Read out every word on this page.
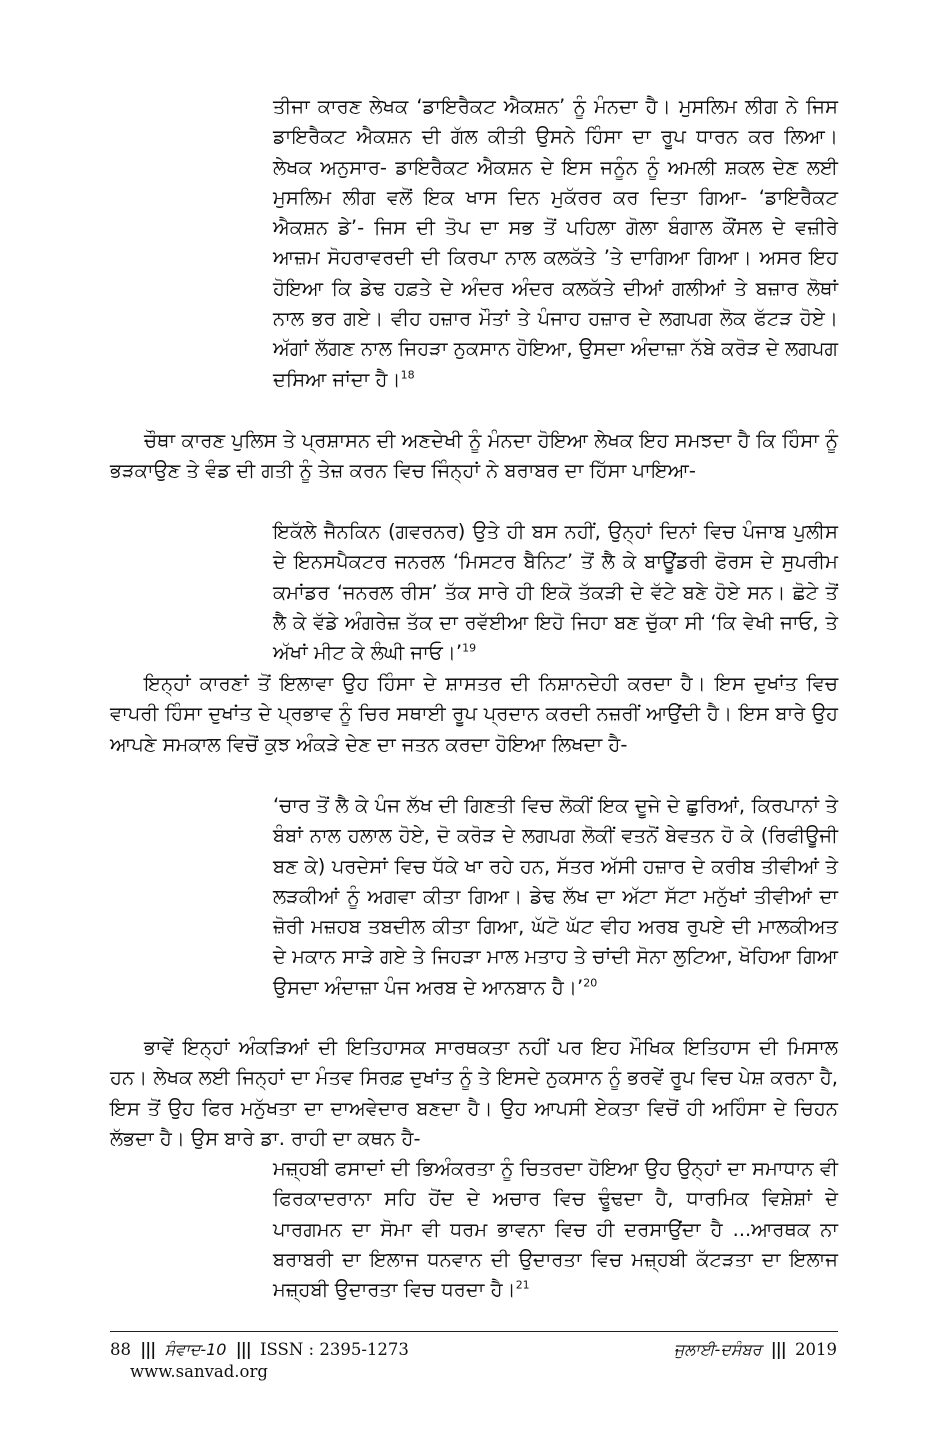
ਤੀਜਾ ਕਾਰਣ ਲੇਖਕ ‘ਡਾਇਰੈਕਟ ਐਕਸ਼ਨ’ ਨੂੰ ਮੰਨਦਾ ਹੈ। ਮੁਸਲਿਮ ਲੀਗ ਨੇ ਜਿਸ ਡਾਇਰੈਕਟ ਐਕਸ਼ਨ ਦੀ ਗੱਲ ਕੀਤੀ ਉਸਨੇ ਹਿੰਸਾ ਦਾ ਰੂਪ ਧਾਰਨ ਕਰ ਲਿਆ। ਲੇਖਕ ਅਨੁਸਾਰ- ਡਾਇਰੈਕਟ ਐਕਸ਼ਨ ਦੇ ਇਸ ਜਨੂੰਨ ਨੂੰ ਅਮਲੀ ਸ਼ਕਲ ਦੇਣ ਲਈ ਮੁਸਲਿਮ ਲੀਗ ਵਲੋਂ ਇਕ ਖਾਸ ਦਿਨ ਮੁਕੱਰਰ ਕਰ ਦਿਤਾ ਗਿਆ- ‘ਡਾਇਰੈਕਟ ਐਕਸ਼ਨ ਡੇ’- ਜਿਸ ਦੀ ਤੋਪ ਦਾ ਸਭ ਤੋਂ ਪਹਿਲਾ ਗੋਲਾ ਬੰਗਾਲ ਕੌਂਸਲ ਦੇ ਵਜ਼ੀਰੇ ਆਜ਼ਮ ਸੋਹਰਾਵਰਦੀ ਦੀ ਕਿਰਪਾ ਨਾਲ ਕਲਕੱਤੇ ’ਤੇ ਦਾਗਿਆ ਗਿਆ। ਅਸਰ ਇਹ ਹੋਇਆ ਕਿ ਡੇਢ ਹਫ਼ਤੇ ਦੇ ਅੰਦਰ ਅੰਦਰ ਕਲਕੱਤੇ ਦੀਆਂ ਗਲੀਆਂ ਤੇ ਬਜ਼ਾਰ ਲੋਥਾਂ ਨਾਲ ਭਰ ਗਏ। ਵੀਹ ਹਜ਼ਾਰ ਮੌਤਾਂ ਤੇ ਪੰਜਾਹ ਹਜ਼ਾਰ ਦੇ ਲਗਪਗ ਲੋਕ ਫੱਟੜ ਹੋਏ। ਅੱਗਾਂ ਲੱਗਣ ਨਾਲ ਜਿਹੜਾ ਨੁਕਸਾਨ ਹੋਇਆ, ਉਸਦਾ ਅੰਦਾਜ਼ਾ ਨੱਬੇ ਕਰੋੜ ਦੇ ਲਗਪਗ ਦਸਿਆ ਜਾਂਦਾ ਹੈ।$^{18}$

ਚੌਥਾ ਕਾਰਣ ਪੁਲਿਸ ਤੇ ਪ੍ਰਸ਼ਾਸਨ ਦੀ ਅਣਦੇਖੀ ਨੂੰ ਮੰਨਦਾ ਹੋਇਆ ਲੇਖਕ ਇਹ ਸਮਝਦਾ ਹੈ ਕਿ ਹਿੰਸਾ ਨੂੰ ਭੜਕਾਉਣ ਤੇ ਵੰਡ ਦੀ ਗਤੀ ਨੂੰ ਤੇਜ਼ ਕਰਨ ਵਿਚ ਜਿੰਨ੍ਹਾਂ ਨੇ ਬਰਾਬਰ ਦਾ ਹਿੱਸਾ ਪਾਇਆ-

ਇਕੱਲੇ ਜੈਨਕਿਨ (ਗਵਰਨਰ) ਉਤੇ ਹੀ ਬਸ ਨਹੀਂ, ਉਨ੍ਹਾਂ ਦਿਨਾਂ ਵਿਚ ਪੰਜਾਬ ਪੁਲੀਸ ਦੇ ਇਨਸਪੈਕਟਰ ਜਨਰਲ ‘ਮਿਸਟਰ ਬੈਨਿਟ’ ਤੋਂ ਲੈ ਕੇ ਬਾਊਂਡਰੀ ਫੋਰਸ ਦੇ ਸੁਪਰੀਮ ਕਮਾਂਡਰ ‘ਜਨਰਲ ਰੀਸ’ ਤੱਕ ਸਾਰੇ ਹੀ ਇਕੋ ਤੱਕੜੀ ਦੇ ਵੱਟੇ ਬਣੇ ਹੋਏ ਸਨ। ਛੋਟੇ ਤੋਂ ਲੈ ਕੇ ਵੱਡੇ ਅੰਗਰੇਜ਼ ਤੱਕ ਦਾ ਰਵੱਈਆ ਇਹੋ ਜਿਹਾ ਬਣ ਚੁੱਕਾ ਸੀ ‘ਕਿ ਵੇਖੀ ਜਾਓ, ਤੇ ਅੱਖਾਂ ਮੀਟ ਕੇ ਲੰਘੀ ਜਾਓ।’$^{19}$

ਇਨ੍ਹਾਂ ਕਾਰਣਾਂ ਤੋਂ ਇਲਾਵਾ ਉਹ ਹਿੰਸਾ ਦੇ ਸ਼ਾਸਤਰ ਦੀ ਨਿਸ਼ਾਨਦੇਹੀ ਕਰਦਾ ਹੈ। ਇਸ ਦੁਖਾਂਤ ਵਿਚ ਵਾਪਰੀ ਹਿੰਸਾ ਦੁਖਾਂਤ ਦੇ ਪ੍ਰਭਾਵ ਨੂੰ ਚਿਰ ਸਥਾਈ ਰੂਪ ਪ੍ਰਦਾਨ ਕਰਦੀ ਨਜ਼ਰੀਂ ਆਉਂਦੀ ਹੈ। ਇਸ ਬਾਰੇ ਉਹ ਆਪਣੇ ਸਮਕਾਲ ਵਿਚੋਂ ਕੁਝ ਅੰਕੜੇ ਦੇਣ ਦਾ ਜਤਨ ਕਰਦਾ ਹੋਇਆ ਲਿਖਦਾ ਹੈ-

‘ਚਾਰ ਤੋਂ ਲੈ ਕੇ ਪੰਜ ਲੱਖ ਦੀ ਗਿਣਤੀ ਵਿਚ ਲੋਕੀਂ ਇਕ ਦੂਜੇ ਦੇ ਛੁਰਿਆਂ, ਕਿਰਪਾਨਾਂ ਤੇ ਬੰਬਾਂ ਨਾਲ ਹਲਾਲ ਹੋਏ, ਦੋ ਕਰੋੜ ਦੇ ਲਗਪਗ ਲੋਕੀਂ ਵਤਨੋਂ ਬੇਵਤਨ ਹੋ ਕੇ (ਰਿਫੀਊਜੀ ਬਣ ਕੇ) ਪਰਦੇਸਾਂ ਵਿਚ ਧੱਕੇ ਖਾ ਰਹੇ ਹਨ, ਸੱਤਰ ਅੱਸੀ ਹਜ਼ਾਰ ਦੇ ਕਰੀਬ ਤੀਵੀਆਂ ਤੇ ਲੜਕੀਆਂ ਨੂੰ ਅਗਵਾ ਕੀਤਾ ਗਿਆ। ਡੇਢ ਲੱਖ ਦਾ ਅੱਟਾ ਸੱਟਾ ਮਨੁੱਖਾਂ ਤੀਵੀਆਂ ਦਾ ਜ਼ੋਰੀ ਮਜ਼ਹਬ ਤਬਦੀਲ ਕੀਤਾ ਗਿਆ, ਘੱਟੋ ਘੱਟ ਵੀਹ ਅਰਬ ਰੁਪਏ ਦੀ ਮਾਲਕੀਅਤ ਦੇ ਮਕਾਨ ਸਾੜੇ ਗਏ ਤੇ ਜਿਹੜਾ ਮਾਲ ਮਤਾਹ ਤੇ ਚਾਂਦੀ ਸੋਨਾ ਲੁਟਿਆ, ਖੋਹਿਆ ਗਿਆ ਉਸਦਾ ਅੰਦਾਜ਼ਾ ਪੰਜ ਅਰਬ ਦੇ ਆਨਬਾਨ ਹੈ।’$^{20}$

ਭਾਵੇਂ ਇਨ੍ਹਾਂ ਅੰਕੜਿਆਂ ਦੀ ਇਤਿਹਾਸਕ ਸਾਰਥਕਤਾ ਨਹੀਂ ਪਰ ਇਹ ਮੌਖਿਕ ਇਤਿਹਾਸ ਦੀ ਮਿਸਾਲ ਹਨ। ਲੇਖਕ ਲਈ ਜਿਨ੍ਹਾਂ ਦਾ ਮੰਤਵ ਸਿਰਫ਼ ਦੁਖਾਂਤ ਨੂੰ ਤੇ ਇਸਦੇ ਨੁਕਸਾਨ ਨੂੰ ਭਰਵੇਂ ਰੂਪ ਵਿਚ ਪੇਸ਼ ਕਰਨਾ ਹੈ, ਇਸ ਤੋਂ ਉਹ ਫਿਰ ਮਨੁੱਖਤਾ ਦਾ ਦਾਅਵੇਦਾਰ ਬਣਦਾ ਹੈ। ਉਹ ਆਪਸੀ ਏਕਤਾ ਵਿਚੋਂ ਹੀ ਅਹਿੰਸਾ ਦੇ ਚਿਹਨ ਲੱਭਦਾ ਹੈ। ਉਸ ਬਾਰੇ ਡਾ. ਰਾਹੀ ਦਾ ਕਥਨ ਹੈ-

ਮਜ਼੍ਹਬੀ ਫਸਾਦਾਂ ਦੀ ਭਿਅੰਕਰਤਾ ਨੂੰ ਚਿਤਰਦਾ ਹੋਇਆ ਉਹ ਉਨ੍ਹਾਂ ਦਾ ਸਮਾਧਾਨ ਵੀ ਫਿਰਕਾਦਰਾਨਾ ਸਹਿ ਹੋਂਦ ਦੇ ਅਚਾਰ ਵਿਚ ਢੂੰਢਦਾ ਹੈ, ਧਾਰਮਿਕ ਵਿਸ਼ੇਸ਼ਾਂ ਦੇ ਪਾਰਗਮਨ ਦਾ ਸੋਮਾ ਵੀ ਧਰਮ ਭਾਵਨਾ ਵਿਚ ਹੀ ਦਰਸਾਉਂਦਾ ਹੈ ...ਆਰਥਕ ਨਾ ਬਰਾਬਰੀ ਦਾ ਇਲਾਜ ਧਨਵਾਨ ਦੀ ਉਦਾਰਤਾ ਵਿਚ ਮਜ਼੍ਹਬੀ ਕੱਟੜਤਾ ਦਾ ਇਲਾਜ ਮਜ਼੍ਹਬੀ ਉਦਾਰਤਾ ਵਿਚ ਧਰਦਾ ਹੈ।$^{21}$

88 ||| ਸੰਵਾਦ-10 ||| ISSN : 2395-1273
www.sanvad.org
ਜੁਲਾਈ-ਦਸੰਬਰ ||| 2019
